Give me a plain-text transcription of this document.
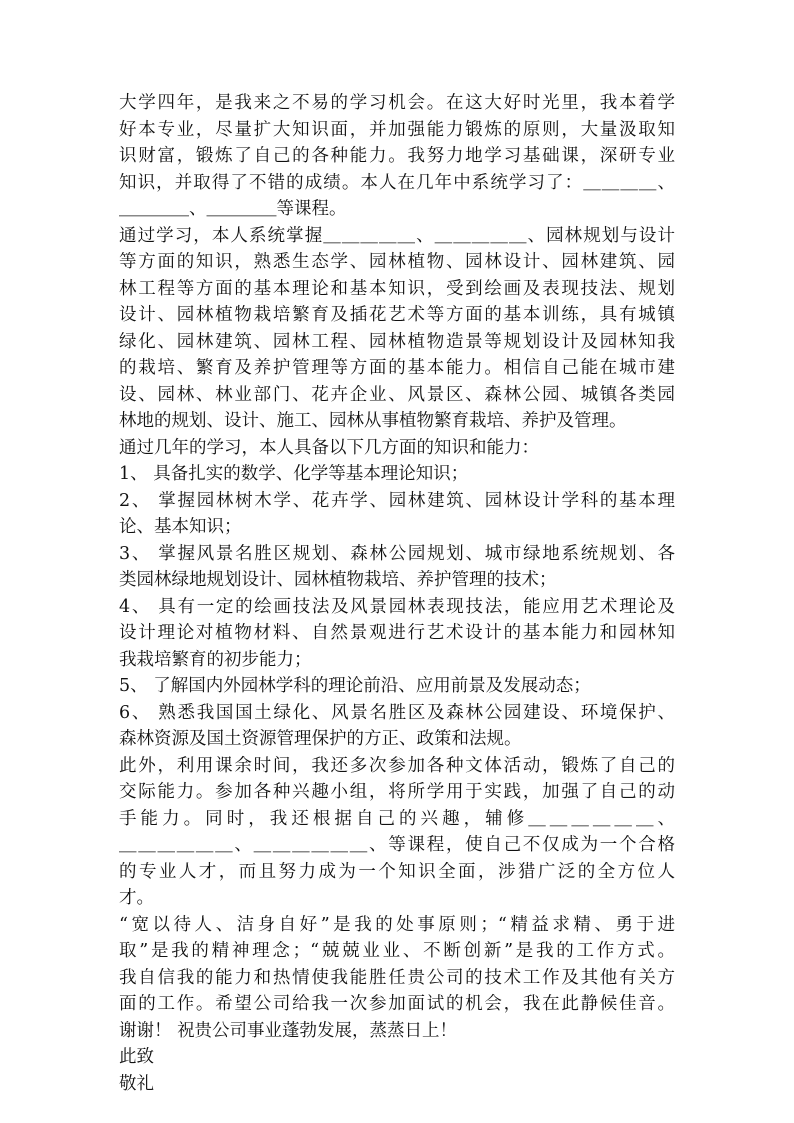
大学四年，是我来之不易的学习机会。在这大好时光里，我本着学
好本专业，尽量扩大知识面，并加强能力锻炼的原则，大量汲取知
识财富，锻炼了自己的各种能力。我努力地学习基础课，深研专业
知识，并取得了不错的成绩。本人在几年中系统学习了：＿＿＿＿、
＿＿＿＿、＿＿＿＿等课程。
通过学习，本人系统掌握＿＿＿＿＿、＿＿＿＿＿、园林规划与设计
等方面的知识，熟悉生态学、园林植物、园林设计、园林建筑、园
林工程等方面的基本理论和基本知识，受到绘画及表现技法、规划
设计、园林植物栽培繁育及插花艺术等方面的基本训练，具有城镇
绿化、园林建筑、园林工程、园林植物造景等规划设计及园林知我
的栽培、繁育及养护管理等方面的基本能力。相信自己能在城市建
设、园林、林业部门、花卉企业、风景区、森林公园、城镇各类园
林地的规划、设计、施工、园林从事植物繁育栽培、养护及管理。
通过几年的学习，本人具备以下几方面的知识和能力：
1、 具备扎实的数学、化学等基本理论知识；
2、 掌握园林树木学、花卉学、园林建筑、园林设计学科的基本理
论、基本知识；
3、 掌握风景名胜区规划、森林公园规划、城市绿地系统规划、各
类园林绿地规划设计、园林植物栽培、养护管理的技术；
4、 具有一定的绘画技法及风景园林表现技法，能应用艺术理论及
设计理论对植物材料、自然景观进行艺术设计的基本能力和园林知
我栽培繁育的初步能力；
5、 了解国内外园林学科的理论前沿、应用前景及发展动态；
6、 熟悉我国国土绿化、风景名胜区及森林公园建设、环境保护、
森林资源及国土资源管理保护的方正、政策和法规。
此外，利用课余时间，我还多次参加各种文体活动，锻炼了自己的
交际能力。参加各种兴趣小组，将所学用于实践，加强了自己的动
手能力。同时，我还根据自己的兴趣，辅修＿＿＿＿＿＿、
＿＿＿＿＿＿、＿＿＿＿＿＿、等课程，使自己不仅成为一个合格
的专业人才，而且努力成为一个知识全面，涉猎广泛的全方位人
才。
“宽以待人、洁身自好”是我的处事原则；“精益求精、勇于进
取”是我的精神理念；“兢兢业业、不断创新”是我的工作方式。
我自信我的能力和热情使我能胜任贵公司的技术工作及其他有关方
面的工作。希望公司给我一次参加面试的机会，我在此静候佳音。
谢谢！ 祝贵公司事业蓬勃发展，蒸蒸日上！
此致
敬礼
